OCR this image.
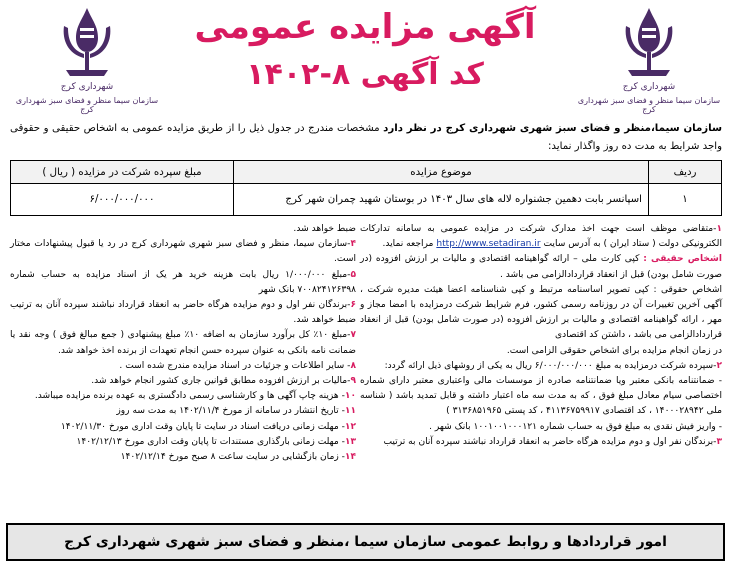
شهرداری کرج
سازمان سیما منظر و فضای سبز شهرداری کرج
آگهی مزایده عمومی
کد آگهی ۸-۱۴۰۲	شهرداری کرج
سازمان سیما منظر و فضای سبز شهرداری کرج
سازمان سیما،منظر و فضای سبز شهری شهرداری کرج در نظر دارد مشخصات مندرج در جدول ذیل را از طریق مزایده عمومی به اشخاص حقیقی و حقوقی واجد شرایط به مدت ده روز واگذار نماید:
ردیف	موضوع مزایده	مبلغ سپرده شرکت در مزایده ( ریال )
۱	اسپانسر بابت دهمین جشنواره لاله های سال ۱۴۰۳ در بوستان شهید چمران شهر کرج	۶/۰۰۰/۰۰۰/۰۰۰

۱-متقاضی موظف است جهت اخذ مدارک شرکت در مزایده عمومی به سامانه تدارکات الکترونیکی دولت ( ستاد ایران ) به آدرس سایت http://www.setadiran.ir مراجعه نماید.

اشخاص حقیقی : کپی کارت ملی – ارائه گواهینامه اقتصادی و مالیات بر ارزش افزوده (در صورت شامل بودن) قبل از انعقاد قراردادالزامی می باشد .

اشخاص حقوقی : کپی تصویر اساسنامه مرتبط و کپی شناسنامه اعضا هیئت مدیره شرکت ، آگهی آخرین تغییرات آن در روزنامه رسمی کشور، فرم شرایط شرکت درمزایده با امضا مجاز و مهر ، ارائه گواهینامه اقتصادی و مالیات بر ارزش افزوده (در صورت شامل بودن) قبل از انعقاد قراردادالزامی می باشد ، داشتن کد اقتصادی

در زمان انجام مزایده برای اشخاص حقوقی الزامی است.

۲-سپرده شرکت درمزایده به مبلغ ۶/۰۰۰/۰۰۰/۰۰۰ ریال به یکی از روشهای ذیل ارائه گردد:

- ضمانتنامه بانکی معتبر ویا ضمانتنامه صادره از موسسات مالی واعتباری معتبر دارای شماره اختصاصی سیام معادل مبلغ فوق ، که به مدت سه ماه اعتبار داشته و قابل تمدید باشد ( شناسه ملی ۱۴۰۰۰۲۸۹۴۲ ، کد اقتصادی ۴۱۱۳۶۷۵۹۹۱۷ ، کد پستی ۳۱۳۶۸۵۱۹۶۵ )

- واریز فیش نقدی به مبلغ فوق به حساب شماره ۱۰۰۱۰۰۱۰۰۰۱۲۱ بانک شهر .

۳-برندگان نفر اول و دوم مزایده هرگاه حاضر به انعقاد قرارداد نباشند سپرده آنان به ترتیب

ضبط خواهد شد.

۴-سازمان سیما، منظر و فضای سبز شهری شهرداری کرج در رد یا قبول پیشنهادات مختار است.

۵-مبلغ ۱/۰۰۰/۰۰۰ ریال بابت هزینه خرید هر یک از اسناد مزایده به حساب شماره ۷۰۰۸۲۴۱۲۶۳۹۸ بانک شهر

۶-برندگان نفر اول و دوم مزایده هرگاه حاضر به انعقاد قرارداد نباشند سپرده آنان به ترتیب ضبط خواهد شد.

۷-مبلغ ۱۰٪ کل برآورد سازمان به اضافه ۱۰٪ مبلغ پیشنهادی ( جمع مبالغ فوق ) وجه نقد یا ضمانت نامه بانکی به عنوان سپرده حسن انجام تعهدات از برنده اخذ خواهد شد.

۸- سایر اطلاعات و جزئیات در اسناد مزایده مندرج شده است .

۹-مالیات بر ارزش افزوده مطابق قوانین جاری کشور انجام خواهد شد.

۱۰- هزینه چاپ آگهی ها و کارشناسی رسمی دادگستری به عهده برنده مزایده میباشد.

۱۱- تاریخ انتشار در سامانه از مورخ ۱۴۰۲/۱۱/۴ به مدت سه روز

۱۲- مهلت زمانی دریافت اسناد در سایت تا پایان وقت اداری مورخ ۱۴۰۲/۱۱/۳۰

۱۳- مهلت زمانی بارگذاری مستندات تا پایان وقت اداری مورخ ۱۴۰۲/۱۲/۱۳

۱۴- زمان بازگشایی در سایت ساعت ۸ صبح مورخ ۱۴۰۲/۱۲/۱۴

امور قراردادها و روابط عمومی سازمان سیما ،منظر و فضای سبز شهری شهرداری کرج
